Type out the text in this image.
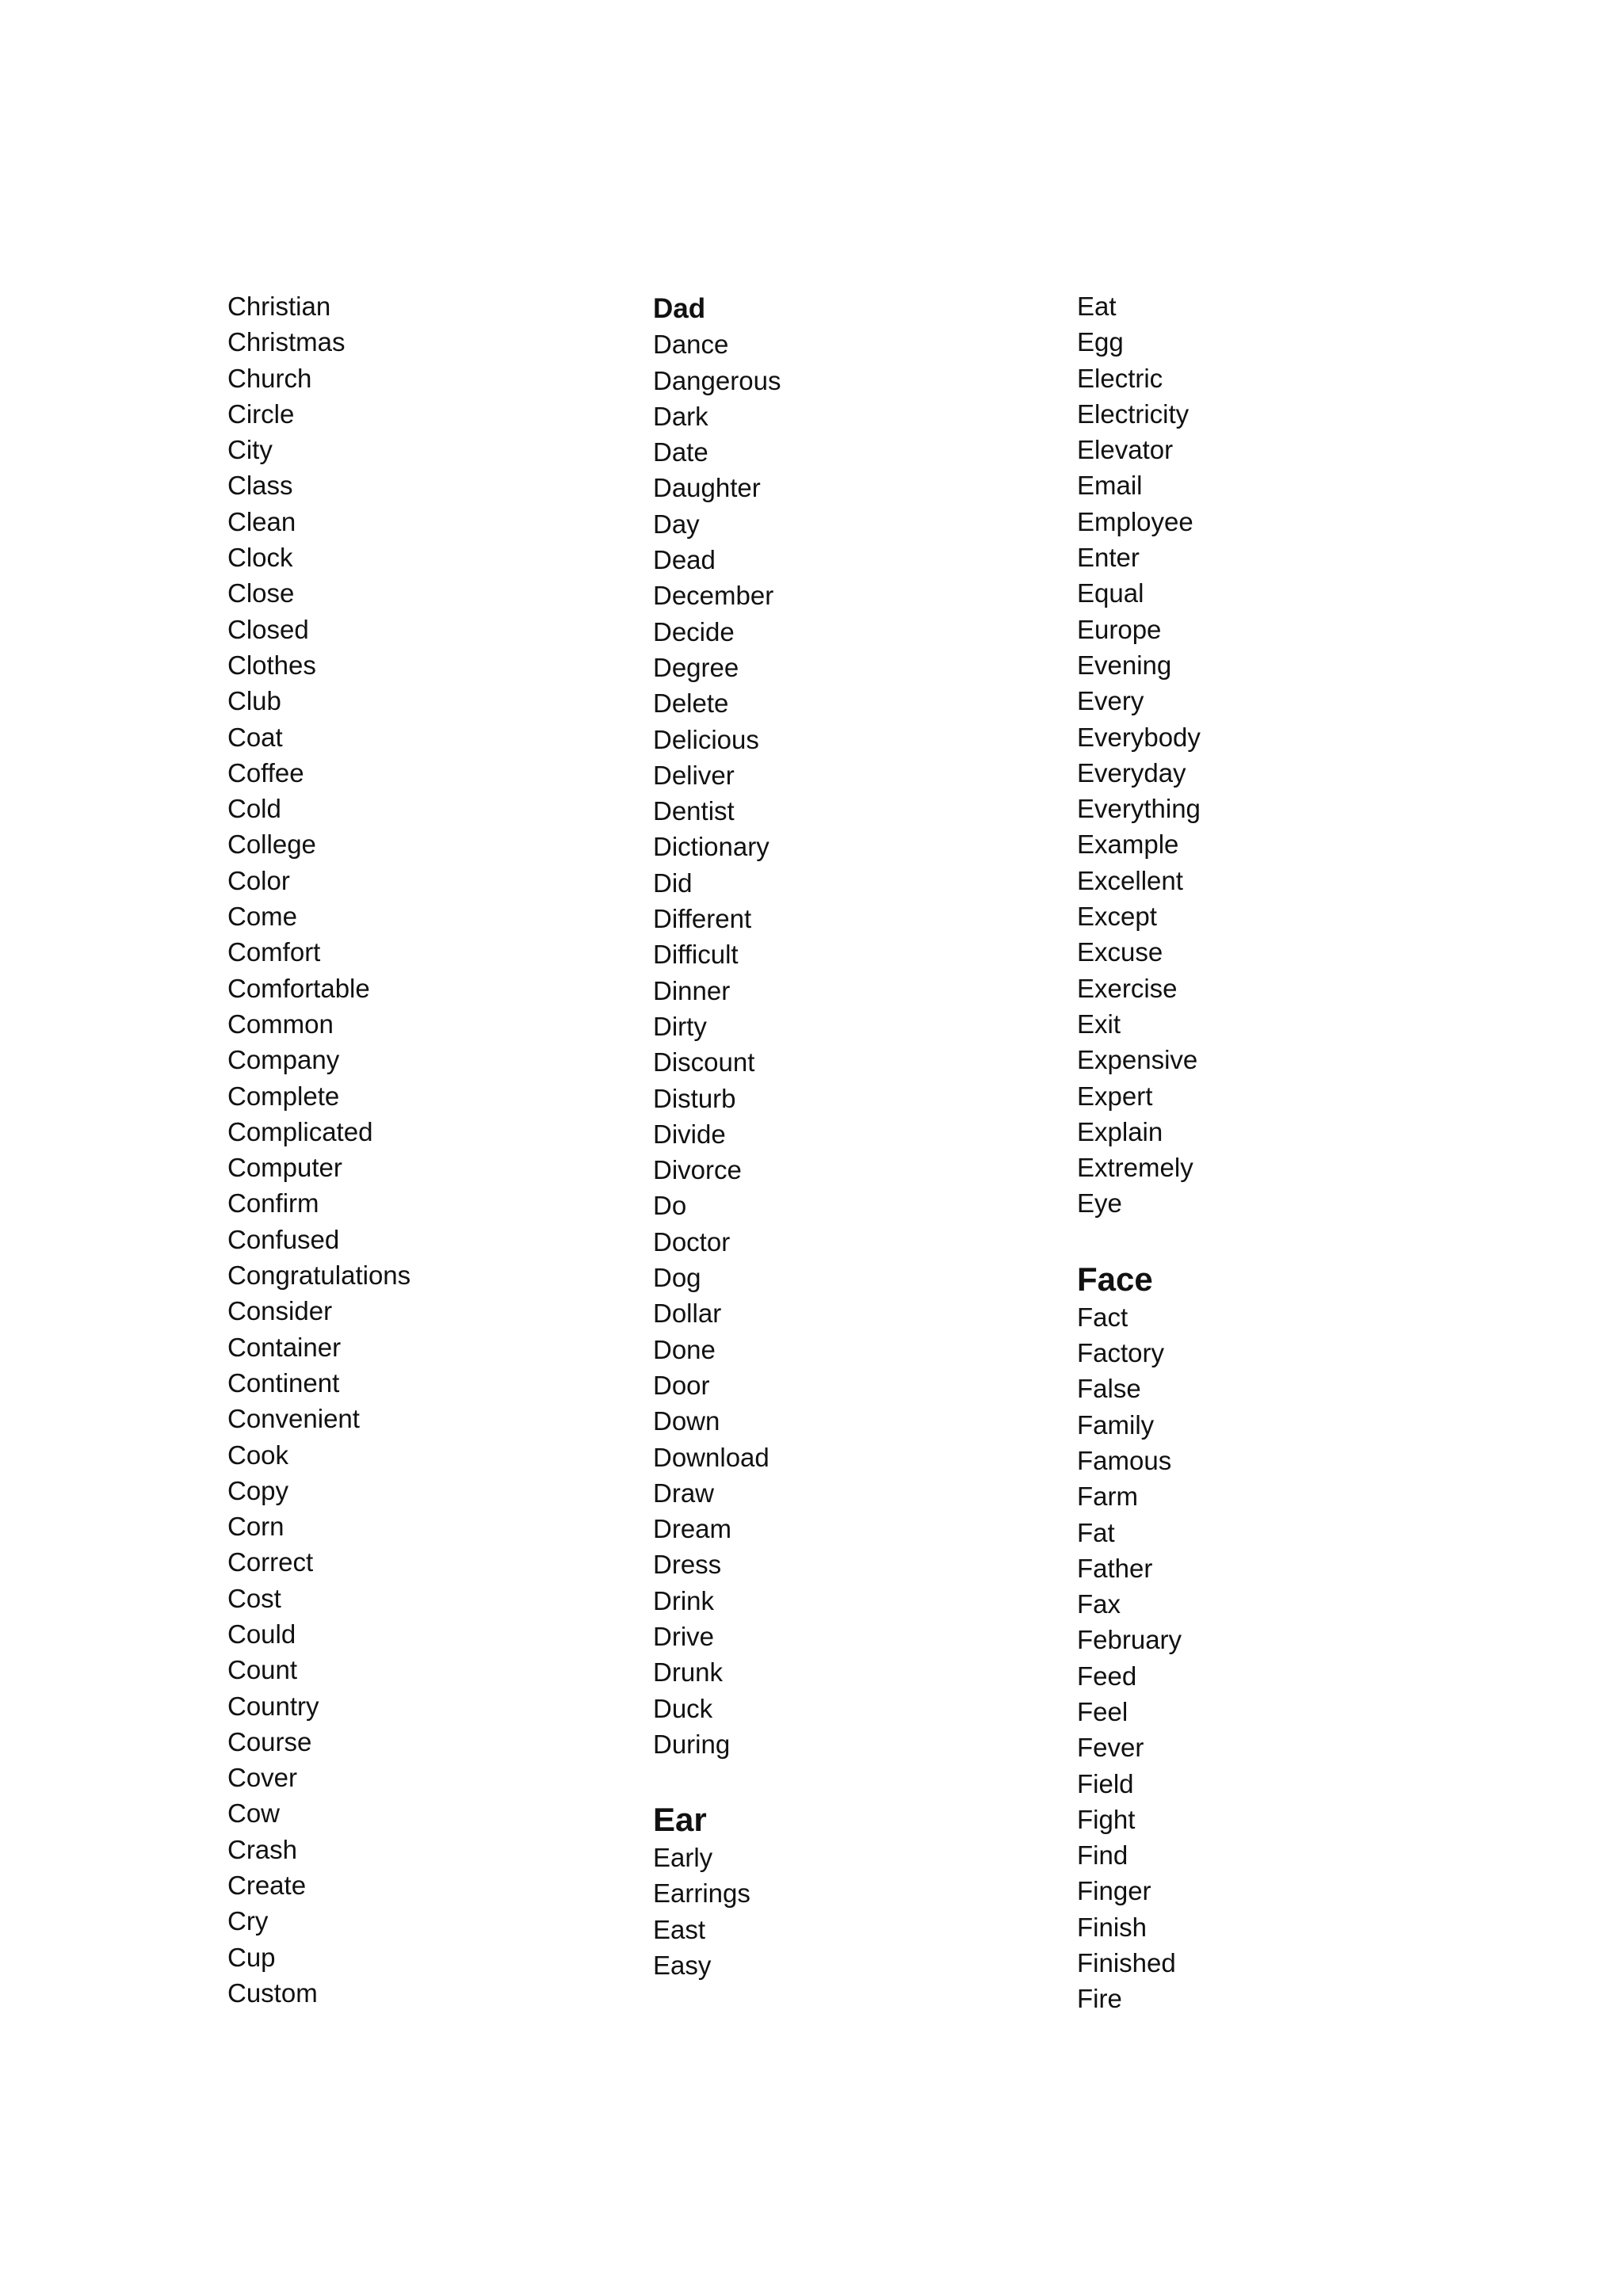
Christian
Christmas
Church
Circle
City
Class
Clean
Clock
Close
Closed
Clothes
Club
Coat
Coffee
Cold
College
Color
Come
Comfort
Comfortable
Common
Company
Complete
Complicated
Computer
Confirm
Confused
Congratulations
Consider
Container
Continent
Convenient
Cook
Copy
Corn
Correct
Cost
Could
Count
Country
Course
Cover
Cow
Crash
Create
Cry
Cup
Custom
Dad
Dance
Dangerous
Dark
Date
Daughter
Day
Dead
December
Decide
Degree
Delete
Delicious
Deliver
Dentist
Dictionary
Did
Different
Difficult
Dinner
Dirty
Discount
Disturb
Divide
Divorce
Do
Doctor
Dog
Dollar
Done
Door
Down
Download
Draw
Dream
Dress
Drink
Drive
Drunk
Duck
During
Ear
Early
Earrings
East
Easy
Eat
Egg
Electric
Electricity
Elevator
Email
Employee
Enter
Equal
Europe
Evening
Every
Everybody
Everyday
Everything
Example
Excellent
Except
Excuse
Exercise
Exit
Expensive
Expert
Explain
Extremely
Eye
Face
Fact
Factory
False
Family
Famous
Farm
Fat
Father
Fax
February
Feed
Feel
Fever
Field
Fight
Find
Finger
Finish
Finished
Fire
